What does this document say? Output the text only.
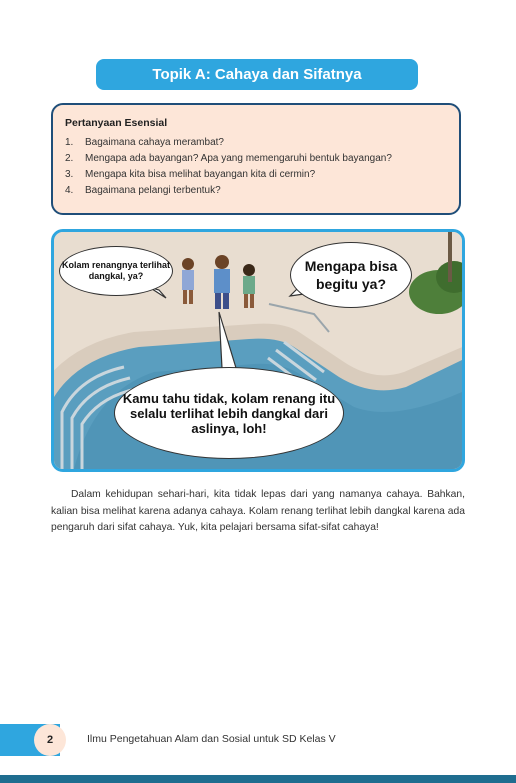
Topik A: Cahaya dan Sifatnya
Pertanyaan Esensial
1.	Bagaimana cahaya merambat?
2.	Mengapa ada bayangan? Apa yang memengaruhi bentuk bayangan?
3.	Mengapa kita bisa melihat bayangan kita di cermin?
4.	Bagaimana pelangi terbentuk?
Kolam renangnya terlihat dangkal, ya?
Mengapa bisa begitu ya?
Kamu tahu tidak, kolam renang itu selalu terlihat lebih dangkal dari aslinya, loh!

Dalam kehidupan sehari-hari, kita tidak lepas dari yang namanya cahaya. Bahkan, kalian bisa melihat karena adanya cahaya. Kolam renang terlihat lebih dangkal karena ada pengaruh dari sifat cahaya. Yuk, kita pelajari bersama sifat-sifat cahaya!

2	Ilmu Pengetahuan Alam dan Sosial untuk SD Kelas V
